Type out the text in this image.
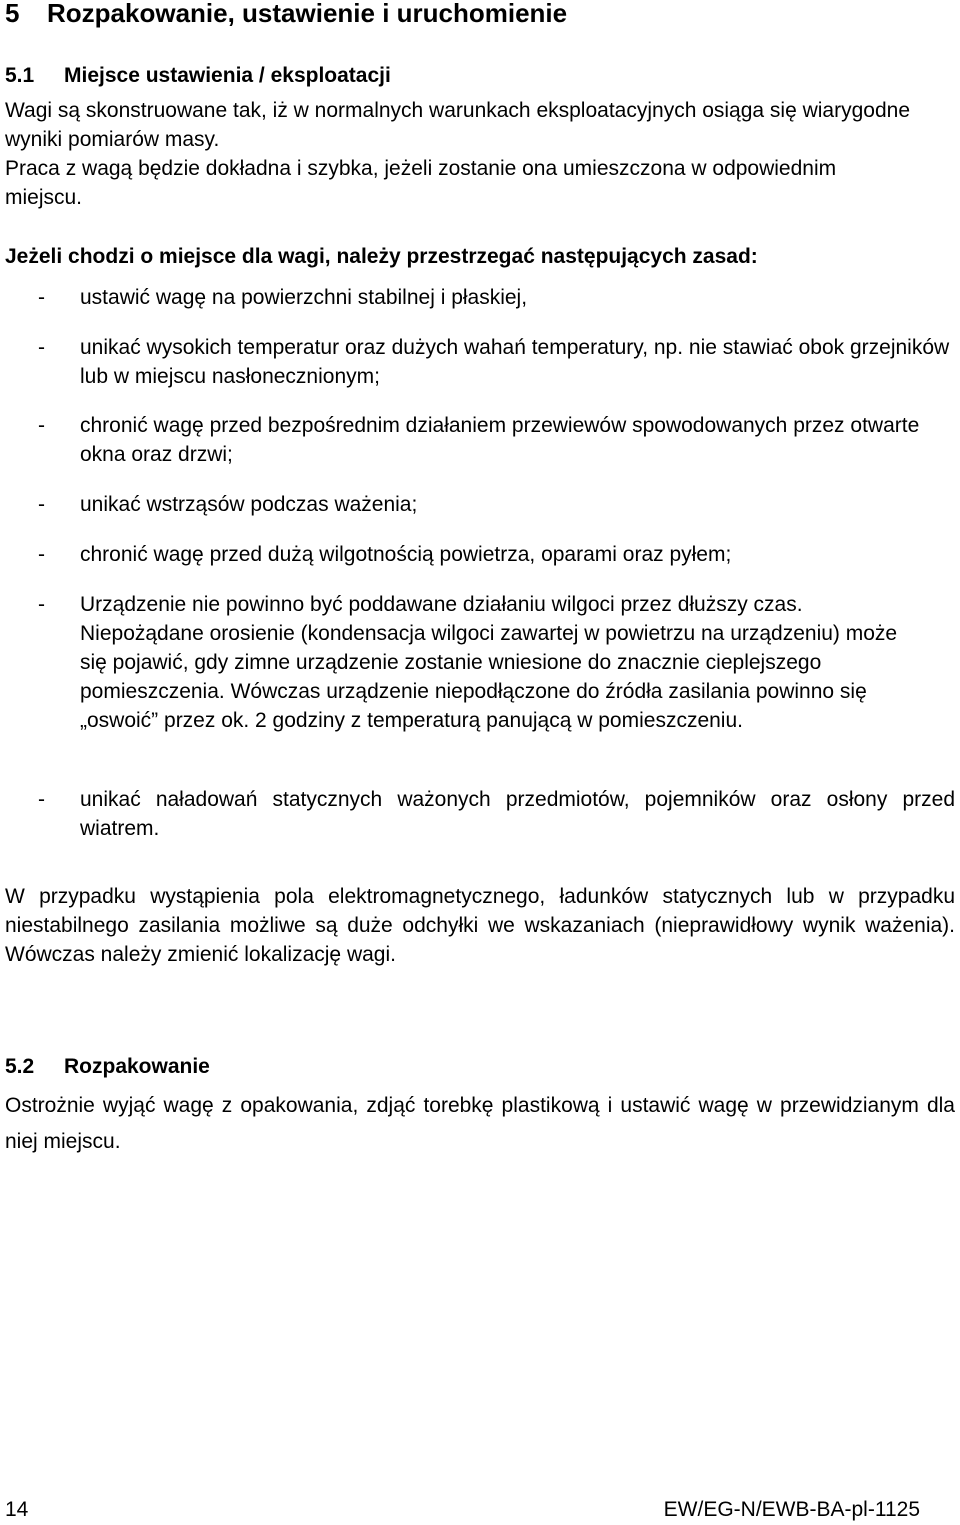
5 Rozpakowanie, ustawienie i uruchomienie
5.1 Miejsce ustawienia / eksploatacji
Wagi są skonstruowane tak, iż w normalnych warunkach eksploatacyjnych osiąga się wiarygodne wyniki pomiarów masy.
Praca z wagą będzie dokładna i szybka, jeżeli zostanie ona umieszczona w odpowiednim miejscu.
Jeżeli chodzi o miejsce dla wagi, należy przestrzegać następujących zasad:
- ustawić wagę na powierzchni stabilnej i płaskiej,
- unikać wysokich temperatur oraz dużych wahań temperatury, np. nie stawiać obok grzejników lub w miejscu nasłonecznionym;
- chronić wagę przed bezpośrednim działaniem przewiewów spowodowanych przez otwarte okna oraz drzwi;
- unikać wstrząsów podczas ważenia;
- chronić wagę przed dużą wilgotnością powietrza, oparami oraz pyłem;
- Urządzenie nie powinno być poddawane działaniu wilgoci przez dłuższy czas. Niepożądane orosienie (kondensacja wilgoci zawartej w powietrzu na urządzeniu) może się pojawić, gdy zimne urządzenie zostanie wniesione do znacznie cieplejszego pomieszczenia. Wówczas urządzenie niepodłączone do źródła zasilania powinno się „oswoić” przez ok. 2 godziny z temperaturą panującą w pomieszczeniu.
- unikać naładowań statycznych ważonych przedmiotów, pojemników oraz osłony przed wiatrem.
W przypadku wystąpienia pola elektromagnetycznego, ładunków statycznych lub w przypadku niestabilnego zasilania możliwe są duże odchyłki we wskazaniach (nieprawidłowy wynik ważenia). Wówczas należy zmienić lokalizację wagi.
5.2 Rozpakowanie
Ostrożnie wyjąć wagę z opakowania, zdjąć torebkę plastikową i ustawić wagę w przewidzianym dla niej miejscu.
14	EW/EG-N/EWB-BA-pl-1125
